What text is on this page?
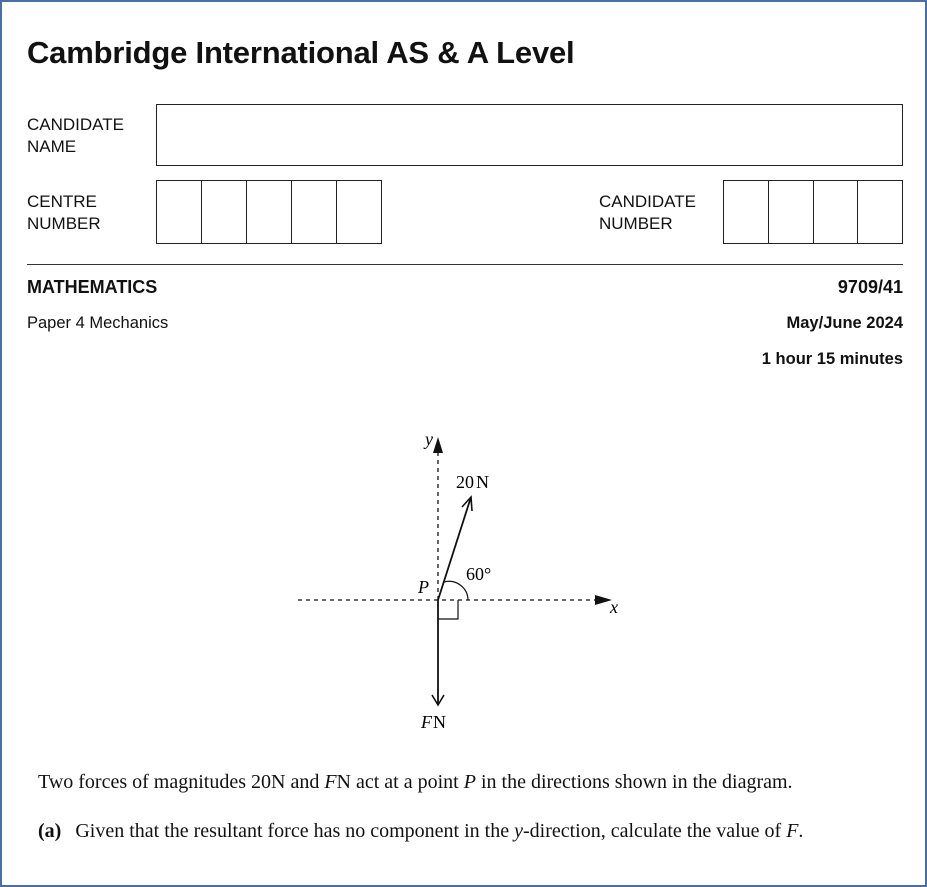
Cambridge International AS & A Level
CANDIDATE
NAME
CENTRE
NUMBER
CANDIDATE
NUMBER
MATHEMATICS	9709/41
Paper 4 Mechanics	May/June 2024
1 hour 15 minutes
y
x
P
20 N
60°
FN
Two forces of magnitudes 20N and FN act at a point P in the directions shown in the diagram.
(a) Given that the resultant force has no component in the y-direction, calculate the value of F.
